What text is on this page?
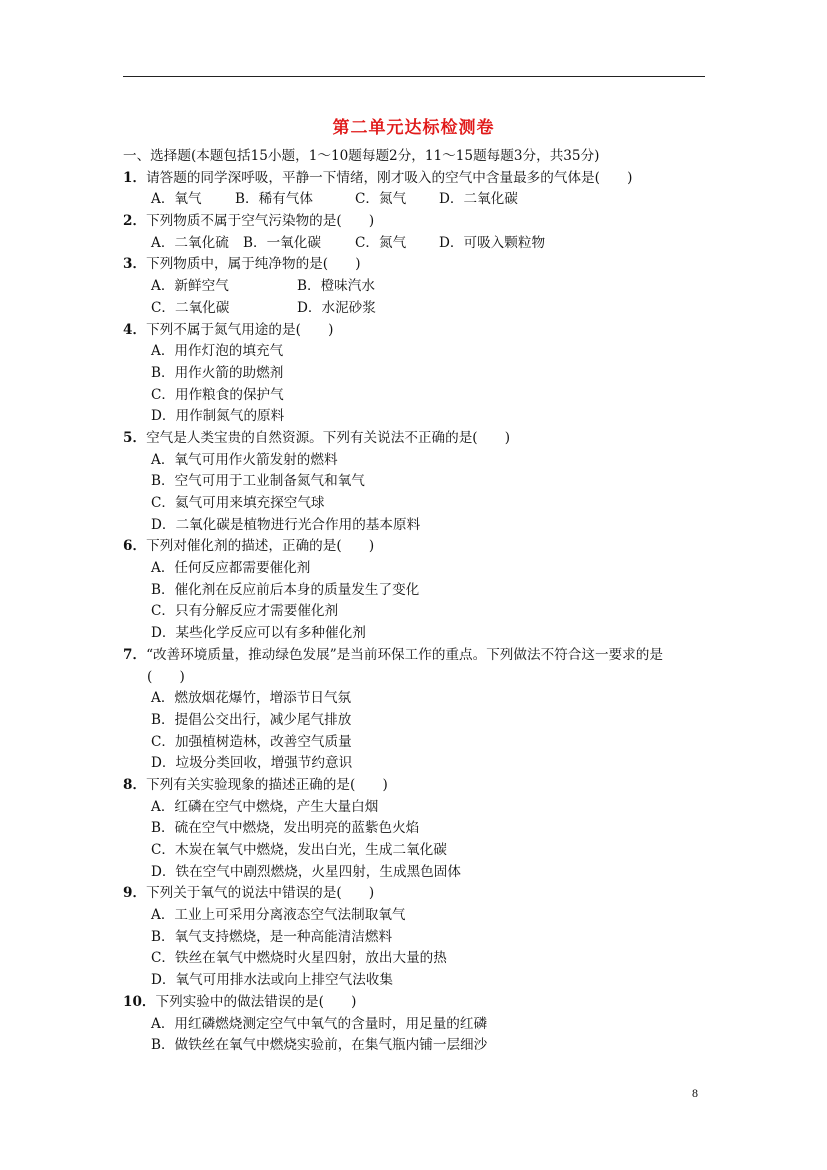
第二单元达标检测卷
一、选择题(本题包括15小题，1～10题每题2分，11～15题每题3分，共35分)
1．请答题的同学深呼吸，平静一下情绪，刚才吸入的空气中含量最多的气体是(　　)
A．氧气 B．稀有气体	C．氮气 D．二氧化碳
2．下列物质不属于空气污染物的是(　　)
A．二氧化硫 B．一氧化碳	C．氮气 D．可吸入颗粒物
3．下列物质中，属于纯净物的是(　　)
A．新鲜空气	B．橙味汽水
C．二氧化碳	D．水泥砂浆
4．下列不属于氮气用途的是(　　)
A．用作灯泡的填充气
B．用作火箭的助燃剂
C．用作粮食的保护气
D．用作制氮气的原料
5．空气是人类宝贵的自然资源。下列有关说法不正确的是(　　)
A．氧气可用作火箭发射的燃料
B．空气可用于工业制备氮气和氧气
C．氦气可用来填充探空气球
D．二氧化碳是植物进行光合作用的基本原料
6．下列对催化剂的描述，正确的是(　　)
A．任何反应都需要催化剂
B．催化剂在反应前后本身的质量发生了变化
C．只有分解反应才需要催化剂
D．某些化学反应可以有多种催化剂
7．“改善环境质量，推动绿色发展”是当前环保工作的重点。下列做法不符合这一要求的是
(　　)
A．燃放烟花爆竹，增添节日气氛
B．提倡公交出行，减少尾气排放
C．加强植树造林，改善空气质量
D．垃圾分类回收，增强节约意识
8．下列有关实验现象的描述正确的是(　　)
A．红磷在空气中燃烧，产生大量白烟
B．硫在空气中燃烧，发出明亮的蓝紫色火焰
C．木炭在氧气中燃烧，发出白光，生成二氧化碳
D．铁在空气中剧烈燃烧，火星四射，生成黑色固体
9．下列关于氧气的说法中错误的是(　　)
A．工业上可采用分离液态空气法制取氧气
B．氧气支持燃烧，是一种高能清洁燃料
C．铁丝在氧气中燃烧时火星四射，放出大量的热
D．氧气可用排水法或向上排空气法收集
10．下列实验中的做法错误的是(　　)
A．用红磷燃烧测定空气中氧气的含量时，用足量的红磷
B．做铁丝在氧气中燃烧实验前，在集气瓶内铺一层细沙
8
